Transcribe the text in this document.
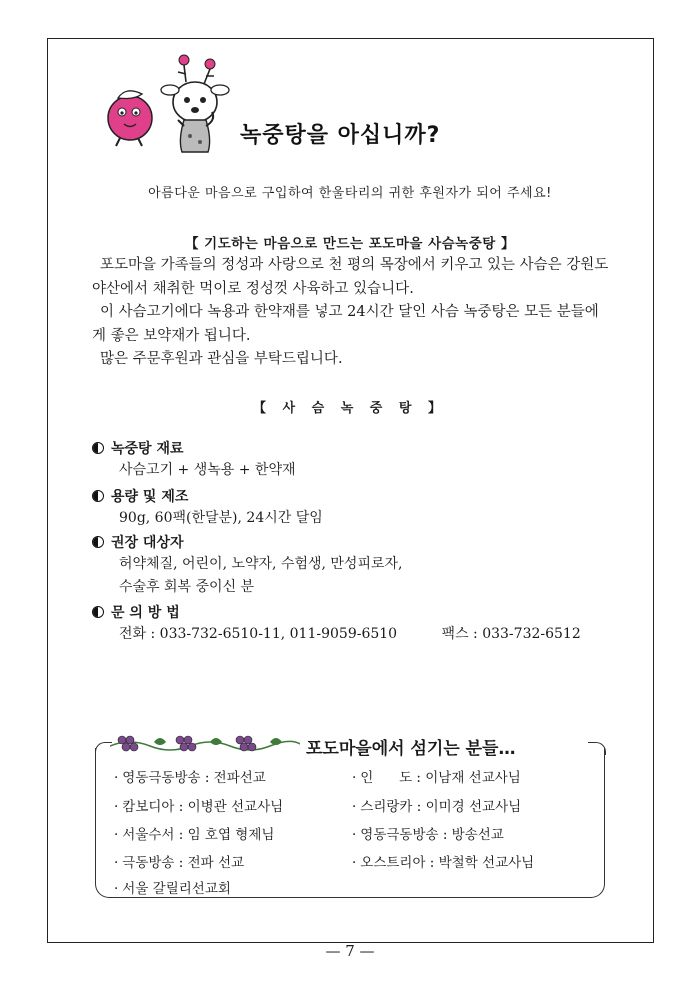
녹중탕을 아십니까?
아름다운 마음으로 구입하여 한울타리의 귀한 후원자가 되어 주세요!
【 기도하는 마음으로 만드는 포도마을 사슴녹중탕 】

포도마을 가족들의 정성과 사랑으로 천 평의 목장에서 키우고 있는 사슴은 강원도 야산에서 채취한 먹이로 정성껏 사육하고 있습니다.

이 사슴고기에다 녹용과 한약재를 넣고 24시간 달인 사슴 녹중탕은 모든 분들에게 좋은 보약재가 됩니다.

많은 주문후원과 관심을 부탁드립니다.

【 사 슴 녹 중 탕 】
녹중탕 재료
사슴고기 + 생녹용 + 한약재
용량 및 제조
90g, 60팩(한달분), 24시간 달임
권장 대상자
허약체질, 어린이, 노약자, 수험생, 만성피로자,
수술후 회복 중이신 분
문 의 방 법
전화 : 033-732-6510-11, 011-9059-6510	팩스 : 033-732-6512
포도마을에서 섬기는 분들…
· 영동극동방송 : 전파선교
· 캄보디아 : 이병관 선교사님
· 서울수서 : 임 호엽 형제님
· 극동방송 : 전파 선교
· 서울 갈릴리선교회
· 인      도 : 이남재 선교사님
· 스리랑카 : 이미경 선교사님
· 영동극동방송 : 방송선교
· 오스트리아 : 박철학 선교사님
— 7 —
